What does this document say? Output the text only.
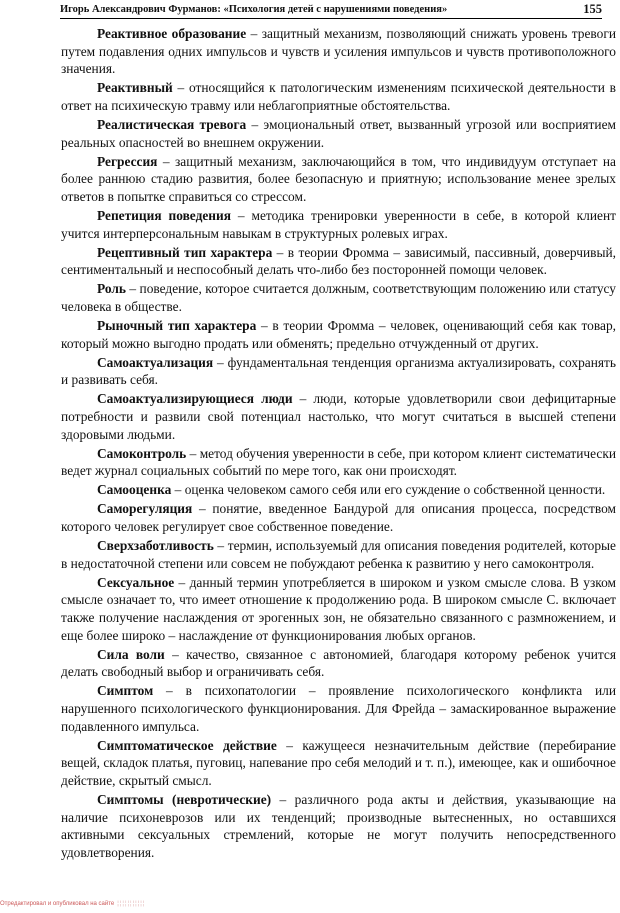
Игорь Александрович Фурманов: «Психология детей с нарушениями поведения»	155

Реактивное образование – защитный механизм, позволяющий снижать уровень тревоги путем подавления одних импульсов и чувств и усиления импульсов и чувств противоположного значения.

Реактивный – относящийся к патологическим изменениям психической деятельности в ответ на психическую травму или неблагоприятные обстоятельства.

Реалистическая тревога – эмоциональный ответ, вызванный угрозой или восприятием реальных опасностей во внешнем окружении.

Регрессия – защитный механизм, заключающийся в том, что индивидуум отступает на более раннюю стадию развития, более безопасную и приятную; использование менее зрелых ответов в попытке справиться со стрессом.

Репетиция поведения – методика тренировки уверенности в себе, в которой клиент учится интерперсональным навыкам в структурных ролевых играх.

Рецептивный тип характера – в теории Фромма – зависимый, пассивный, доверчивый, сентиментальный и неспособный делать что-либо без посторонней помощи человек.

Роль – поведение, которое считается должным, соответствующим положению или статусу человека в обществе.

Рыночный тип характера – в теории Фромма – человек, оценивающий себя как товар, который можно выгодно продать или обменять; предельно отчужденный от других.

Самоактуализация – фундаментальная тенденция организма актуализировать, сохранять и развивать себя.

Самоактуализирующиеся люди – люди, которые удовлетворили свои дефицитарные потребности и развили свой потенциал настолько, что могут считаться в высшей степени здоровыми людьми.

Самоконтроль – метод обучения уверенности в себе, при котором клиент систематически ведет журнал социальных событий по мере того, как они происходят.

Самооценка – оценка человеком самого себя или его суждение о собственной ценности.

Саморегуляция – понятие, введенное Бандурой для описания процесса, посредством которого человек регулирует свое собственное поведение.

Сверхзаботливость – термин, используемый для описания поведения родителей, которые в недостаточной степени или совсем не побуждают ребенка к развитию у него самоконтроля.

Сексуальное – данный термин употребляется в широком и узком смысле слова. В узком смысле означает то, что имеет отношение к продолжению рода. В широком смысле С. включает также получение наслаждения от эрогенных зон, не обязательно связанного с размножением, и еще более широко – наслаждение от функционирования любых органов.

Сила воли – качество, связанное с автономией, благодаря которому ребенок учится делать свободный выбор и ограничивать себя.

Симптом – в психопатологии – проявление психологического конфликта или нарушенного психологического функционирования. Для Фрейда – замаскированное выражение подавленного импульса.

Симптоматическое действие – кажущееся незначительным действие (перебирание вещей, складок платья, пуговиц, напевание про себя мелодий и т. п.), имеющее, как и ошибочное действие, скрытый смысл.

Симптомы (невротические) – различного рода акты и действия, указывающие на наличие психоневрозов или их тенденций; производные вытесненных, но оставшихся активными сексуальных стремлений, которые не могут получить непосредственного удовлетворения.

Отредактировал и опубликовал на сайте ¦¦¦¦¦¦¦¦¦¦¦
